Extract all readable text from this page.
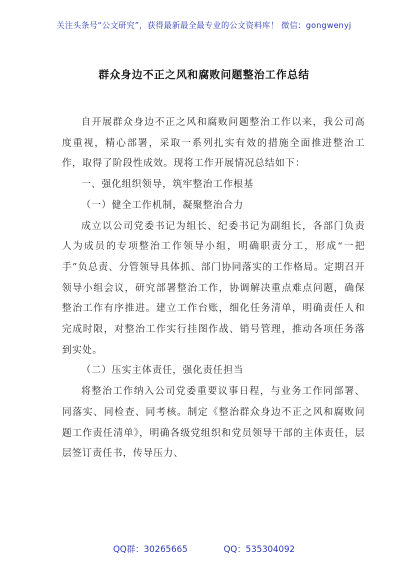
关注头条号“公文研究”，获得最新最全最专业的公文资料库！ 微信：gongwenyj
群众身边不正之风和腐败问题整治工作总结

自开展群众身边不正之风和腐败问题整治工作以来，我公司高度重视，精心部署，采取一系列扎实有效的措施全面推进整治工作，取得了阶段性成效。现将工作开展情况总结如下：

一、强化组织领导，筑牢整治工作根基

（一）健全工作机制，凝聚整治合力

成立以公司党委书记为组长、纪委书记为副组长，各部门负责人为成员的专项整治工作领导小组，明确职责分工，形成“一把手”负总责、分管领导具体抓、部门协同落实的工作格局。定期召开领导小组会议，研究部署整治工作，协调解决重点难点问题，确保整治工作有序推进。建立工作台账，细化任务清单，明确责任人和完成时限，对整治工作实行挂图作战、销号管理，推动各项任务落到实处。

（二）压实主体责任，强化责任担当

将整治工作纳入公司党委重要议事日程，与业务工作同部署、同落实、同检查、同考核。制定《整治群众身边不正之风和腐败问题工作责任清单》，明确各级党组织和党员领导干部的主体责任，层层签订责任书，传导压力、

QQ群：30265665	QQ：535304092
